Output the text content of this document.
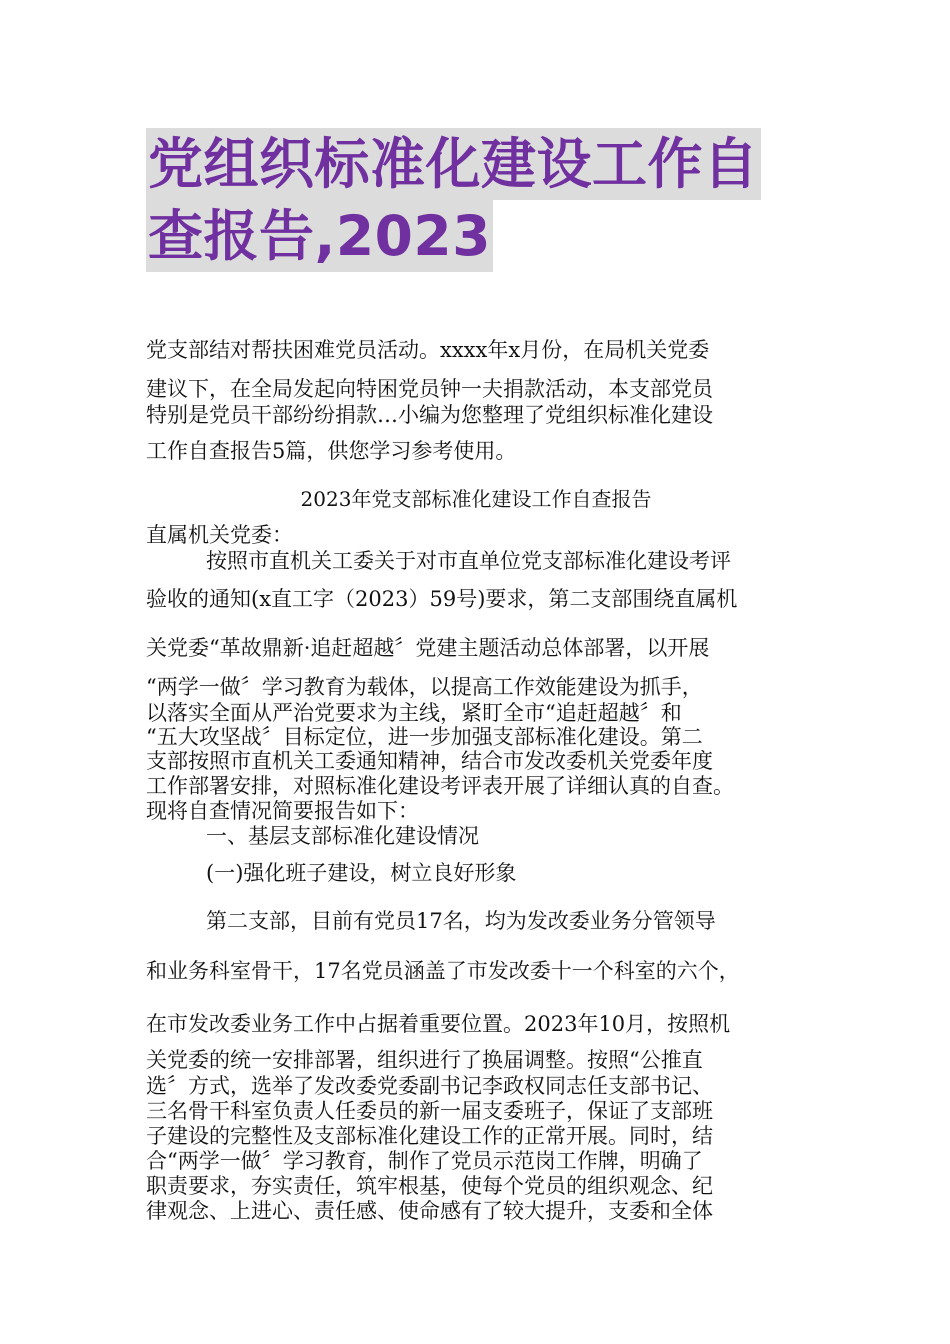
党组织标准化建设工作自
查报告,2023
党支部结对帮扶困难党员活动。xxxx年x月份，在局机关党委
建议下，在全局发起向特困党员钟一夫捐款活动，本支部党员
特别是党员干部纷纷捐款…小编为您整理了党组织标准化建设
工作自查报告5篇，供您学习参考使用。
2023年党支部标准化建设工作自查报告
直属机关党委：
按照市直机关工委关于对市直单位党支部标准化建设考评
验收的通知(x直工字（2023）59号)要求，第二支部围绕直属机
关党委“革故鼎新·追赶超越〞党建主题活动总体部署，以开展
“两学一做〞学习教育为载体，以提高工作效能建设为抓手，
以落实全面从严治党要求为主线，紧盯全市“追赶超越〞和
“五大攻坚战〞目标定位，进一步加强支部标准化建设。第二
支部按照市直机关工委通知精神，结合市发改委机关党委年度
工作部署安排，对照标准化建设考评表开展了详细认真的自查。
现将自查情况简要报告如下：
一、基层支部标准化建设情况
(一)强化班子建设，树立良好形象
第二支部，目前有党员17名，均为发改委业务分管领导
和业务科室骨干，17名党员涵盖了市发改委十一个科室的六个，
在市发改委业务工作中占据着重要位置。2023年10月，按照机
关党委的统一安排部署，组织进行了换届调整。按照“公推直
选〞方式，选举了发改委党委副书记李政权同志任支部书记、
三名骨干科室负责人任委员的新一届支委班子，保证了支部班
子建设的完整性及支部标准化建设工作的正常开展。同时，结
合“两学一做〞学习教育，制作了党员示范岗工作牌，明确了
职责要求，夯实责任，筑牢根基，使每个党员的组织观念、纪
律观念、上进心、责任感、使命感有了较大提升，支委和全体
